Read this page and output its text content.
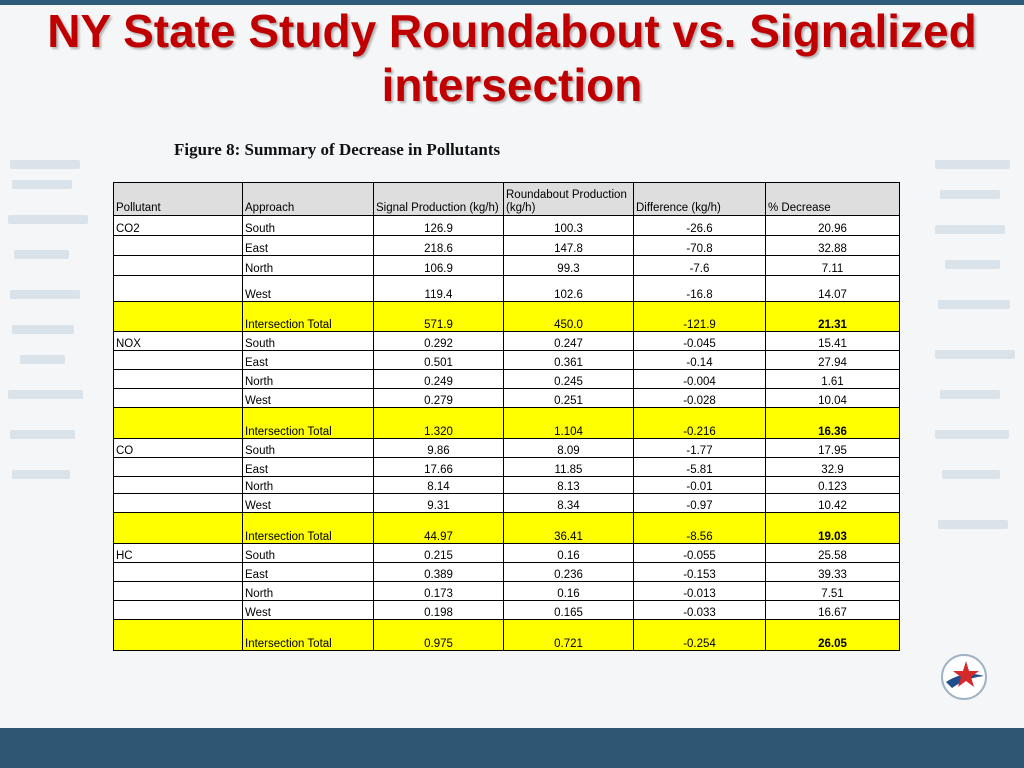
NY State Study Roundabout vs. Signalized intersection
Figure 8: Summary of Decrease in Pollutants
Pollutant	Approach	Signal Production (kg/h)	Roundabout Production (kg/h)	Difference (kg/h)	% Decrease
CO2	South	126.9	100.3	-26.6	20.96
	East	218.6	147.8	-70.8	32.88
	North	106.9	99.3	-7.6	7.11
	West	119.4	102.6	-16.8	14.07
	Intersection Total	571.9	450.0	-121.9	21.31
NOX	South	0.292	0.247	-0.045	15.41
	East	0.501	0.361	-0.14	27.94
	North	0.249	0.245	-0.004	1.61
	West	0.279	0.251	-0.028	10.04
	Intersection Total	1.320	1.104	-0.216	16.36
CO	South	9.86	8.09	-1.77	17.95
	East	17.66	11.85	-5.81	32.9
	North	8.14	8.13	-0.01	0.123
	West	9.31	8.34	-0.97	10.42
	Intersection Total	44.97	36.41	-8.56	19.03
HC	South	0.215	0.16	-0.055	25.58
	East	0.389	0.236	-0.153	39.33
	North	0.173	0.16	-0.013	7.51
	West	0.198	0.165	-0.033	16.67
	Intersection Total	0.975	0.721	-0.254	26.05
